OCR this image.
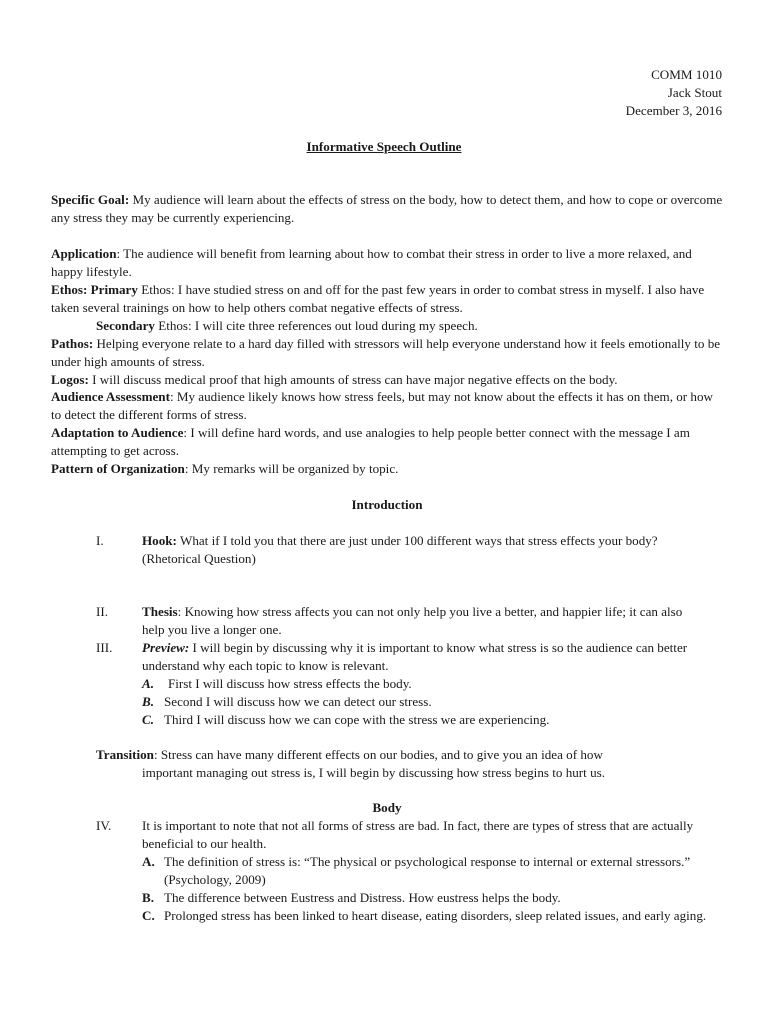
COMM 1010
Jack Stout
December 3, 2016
Informative Speech Outline
Specific Goal: My audience will learn about the effects of stress on the body, how to detect them, and how to cope or overcome any stress they may be currently experiencing.
Application: The audience will benefit from learning about how to combat their stress in order to live a more relaxed, and happy lifestyle.
Ethos: Primary Ethos: I have studied stress on and off for the past few years in order to combat stress in myself. I also have taken several trainings on how to help others combat negative effects of stress.
Secondary Ethos: I will cite three references out loud during my speech.
Pathos: Helping everyone relate to a hard day filled with stressors will help everyone understand how it feels emotionally to be under high amounts of stress.
Logos: I will discuss medical proof that high amounts of stress can have major negative effects on the body.
Audience Assessment: My audience likely knows how stress feels, but may not know about the effects it has on them, or how to detect the different forms of stress.
Adaptation to Audience: I will define hard words, and use analogies to help people better connect with the message I am attempting to get across.
Pattern of Organization: My remarks will be organized by topic.
Introduction
I.	Hook: What if I told you that there are just under 100 different ways that stress effects your body? (Rhetorical Question)
II.	Thesis: Knowing how stress affects you can not only help you live a better, and happier life; it can also help you live a longer one.
III. Preview: I will begin by discussing why it is important to know what stress is so the audience can better understand why each topic to know is relevant.
A. First I will discuss how stress effects the body.
B. Second I will discuss how we can detect our stress.
C. Third I will discuss how we can cope with the stress we are experiencing.
Transition: Stress can have many different effects on our bodies, and to give you an idea of how
important managing out stress is, I will begin by discussing how stress begins to hurt us.
Body
IV. It is important to note that not all forms of stress are bad. In fact, there are types of stress that are actually beneficial to our health.
A. The definition of stress is: “The physical or psychological response to internal or external stressors.” (Psychology, 2009)
B. The difference between Eustress and Distress. How eustress helps the body.
C. Prolonged stress has been linked to heart disease, eating disorders, sleep related issues, and early aging.
